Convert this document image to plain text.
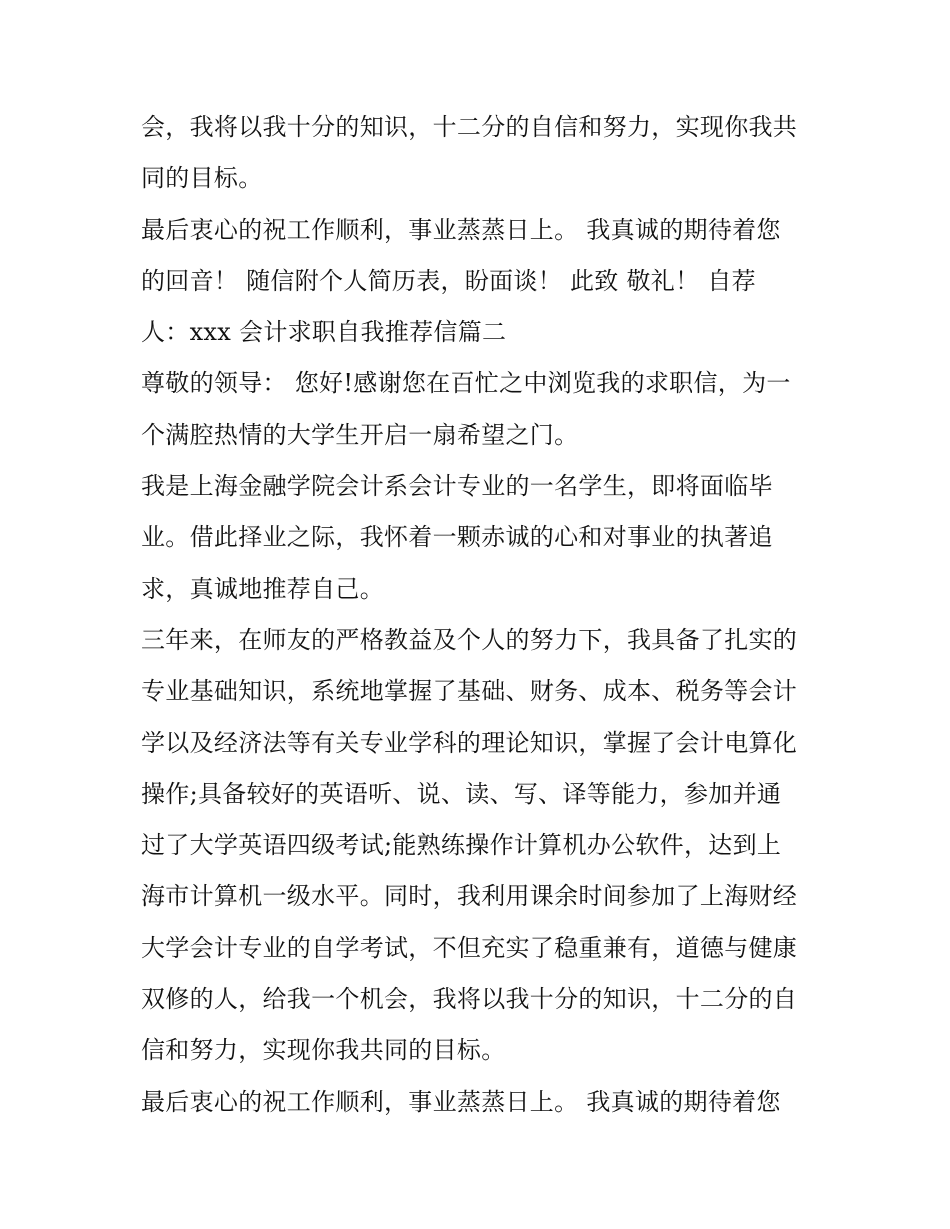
会，我将以我十分的知识，十二分的自信和努力，实现你我共
同的目标。
最后衷心的祝工作顺利，事业蒸蒸日上。 我真诚的期待着您
的回音！ 随信附个人简历表，盼面谈！ 此致 敬礼！ 自荐
人：xxx 会计求职自我推荐信篇二
尊敬的领导： 您好!感谢您在百忙之中浏览我的求职信，为一
个满腔热情的大学生开启一扇希望之门。
我是上海金融学院会计系会计专业的一名学生，即将面临毕
业。借此择业之际，我怀着一颗赤诚的心和对事业的执著追
求，真诚地推荐自己。
三年来，在师友的严格教益及个人的努力下，我具备了扎实的
专业基础知识，系统地掌握了基础、财务、成本、税务等会计
学以及经济法等有关专业学科的理论知识，掌握了会计电算化
操作;具备较好的英语听、说、读、写、译等能力，参加并通
过了大学英语四级考试;能熟练操作计算机办公软件，达到上
海市计算机一级水平。同时，我利用课余时间参加了上海财经
大学会计专业的自学考试，不但充实了稳重兼有，道德与健康
双修的人，给我一个机会，我将以我十分的知识，十二分的自
信和努力，实现你我共同的目标。
最后衷心的祝工作顺利，事业蒸蒸日上。 我真诚的期待着您
